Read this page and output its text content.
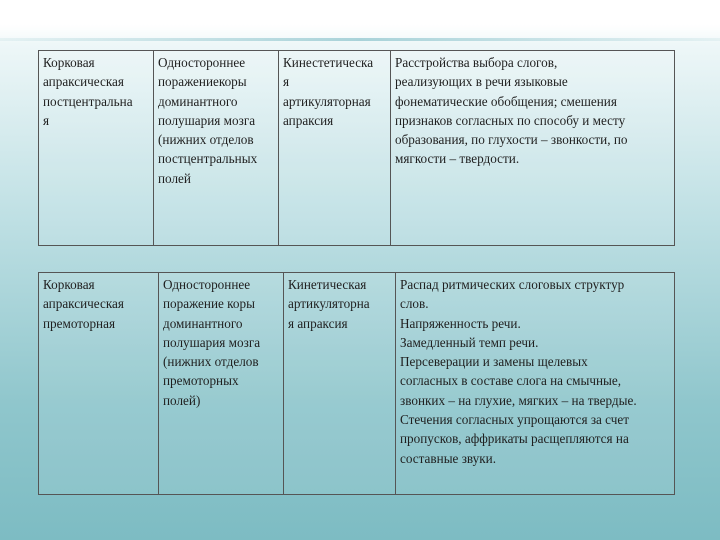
Корковая
апраксическая
постцентральна
я
Одностороннее
поражениекоры
доминантного
полушария мозга
(нижних отделов
постцентральных
полей
Кинестетическа
я
артикуляторная
апраксия
Расстройства выбора слогов,
реализующих в речи языковые
фонематические обобщения; смешения
признаков согласных по способу и месту
образования, по глухости – звонкости, по
мягкости – твердости.
Корковая
апраксическая
премоторная
Одностороннее
поражение коры
доминантного
полушария мозга
(нижних отделов
премоторных
полей)
Кинетическая
артикуляторна
я апраксия
Распад ритмических слоговых структур
слов.
Напряженность речи.
Замедленный темп речи.
Персеверации и замены щелевых
согласных в составе слога на смычные,
звонких – на глухие, мягких – на твердые.
Стечения согласных упрощаются за счет
пропусков, аффрикаты расщепляются на
составные звуки.
